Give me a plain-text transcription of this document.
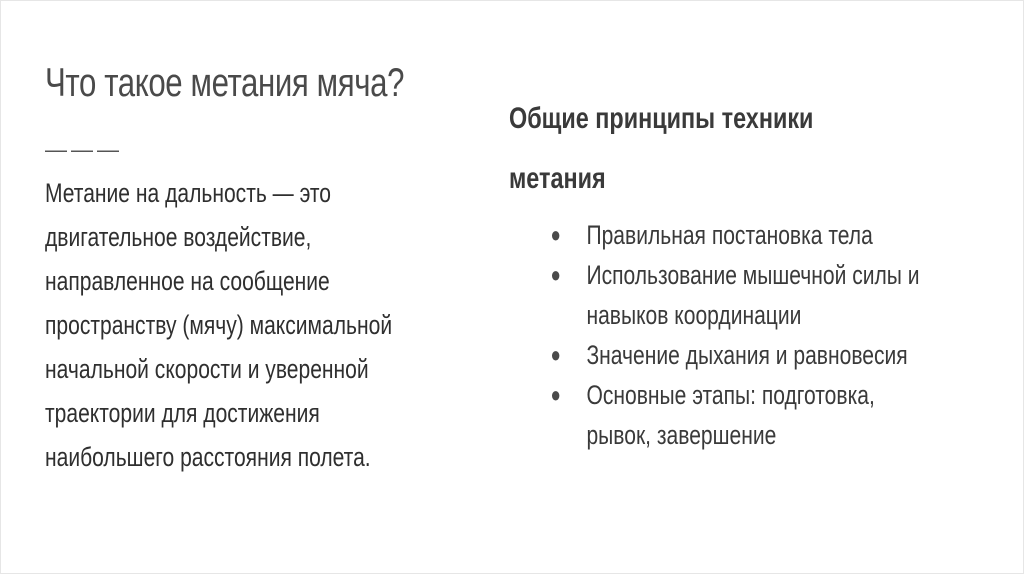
Что такое метания мяча?
———

Метание на дальность — это двигательное воздействие, направленное на сообщение пространству (мячу) максимальной начальной скорости и уверенной траектории для достижения наибольшего расстояния полета.

Общие принципы техники метания
● Правильная постановка тела
● Использование мышечной силы и навыков координации
● Значение дыхания и равновесия
● Основные этапы: подготовка, рывок, завершение
